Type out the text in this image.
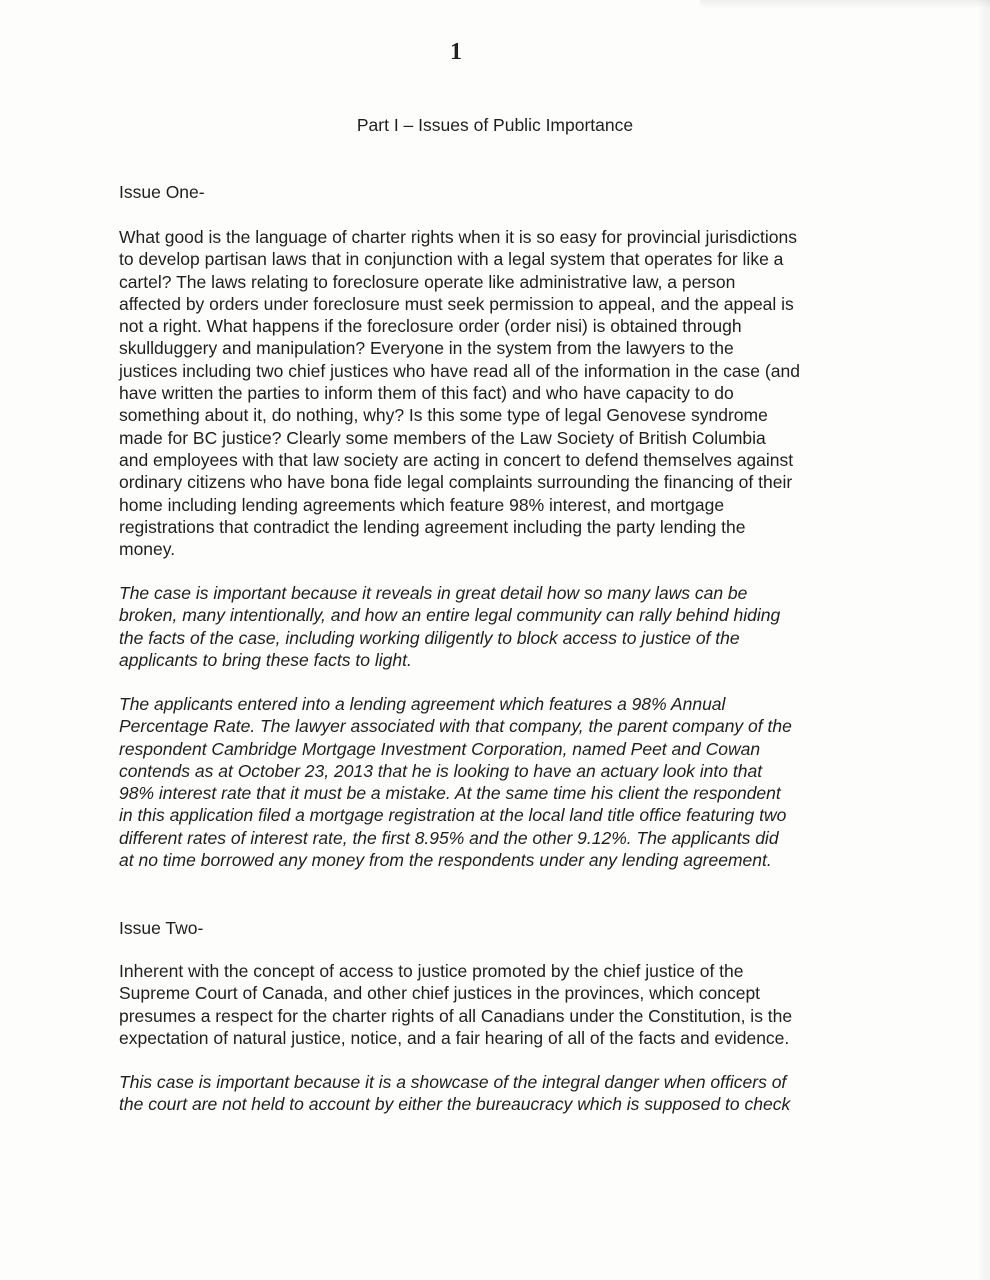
1
Part I – Issues of Public Importance
Issue One-
What good is the language of charter rights when it is so easy for provincial jurisdictions
to develop partisan laws that in conjunction with a legal system that operates for like a
cartel? The laws relating to foreclosure operate like administrative law, a person
affected by orders under foreclosure must seek permission to appeal, and the appeal is
not a right. What happens if the foreclosure order (order nisi) is obtained through
skullduggery and manipulation? Everyone in the system from the lawyers to the
justices including two chief justices who have read all of the information in the case (and
have written the parties to inform them of this fact) and who have capacity to do
something about it, do nothing, why? Is this some type of legal Genovese syndrome
made for BC justice? Clearly some members of the Law Society of British Columbia
and employees with that law society are acting in concert to defend themselves against
ordinary citizens who have bona fide legal complaints surrounding the financing of their
home including lending agreements which feature 98% interest, and mortgage
registrations that contradict the lending agreement including the party lending the
money.
The case is important because it reveals in great detail how so many laws can be
broken, many intentionally, and how an entire legal community can rally behind hiding
the facts of the case, including working diligently to block access to justice of the
applicants to bring these facts to light.
The applicants entered into a lending agreement which features a 98% Annual
Percentage Rate. The lawyer associated with that company, the parent company of the
respondent Cambridge Mortgage Investment Corporation, named Peet and Cowan
contends as at October 23, 2013 that he is looking to have an actuary look into that
98% interest rate that it must be a mistake. At the same time his client the respondent
in this application filed a mortgage registration at the local land title office featuring two
different rates of interest rate, the first 8.95% and the other 9.12%. The applicants did
at no time borrowed any money from the respondents under any lending agreement.
Issue Two-
Inherent with the concept of access to justice promoted by the chief justice of the
Supreme Court of Canada, and other chief justices in the provinces, which concept
presumes a respect for the charter rights of all Canadians under the Constitution, is the
expectation of natural justice, notice, and a fair hearing of all of the facts and evidence.
This case is important because it is a showcase of the integral danger when officers of
the court are not held to account by either the bureaucracy which is supposed to check
